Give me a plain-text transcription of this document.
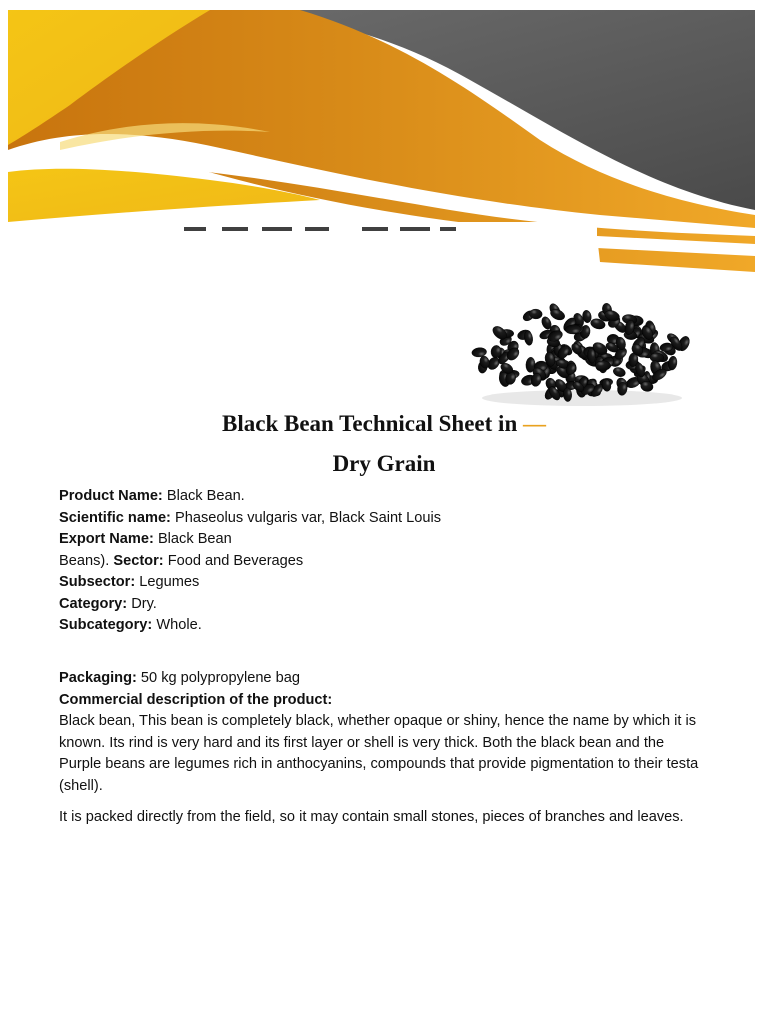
Black Bean Technical Sheet in —
Dry Grain
Product Name: Black Bean.
Scientific name: Phaseolus vulgaris var, Black Saint Louis
Export Name: Black Bean
Beans). Sector: Food and Beverages
Subsector: Legumes
Category: Dry.
Subcategory: Whole.
Packaging: 50 kg polypropylene bag
Commercial description of the product:
Black bean, This bean is completely black, whether opaque or shiny, hence the name by which it is
known. Its rind is very hard and its first layer or shell is very thick. Both the black bean and the
Purple beans are legumes rich in anthocyanins, compounds that provide pigmentation to their testa
(shell).
It is packed directly from the field, so it may contain small stones, pieces of branches and leaves.
